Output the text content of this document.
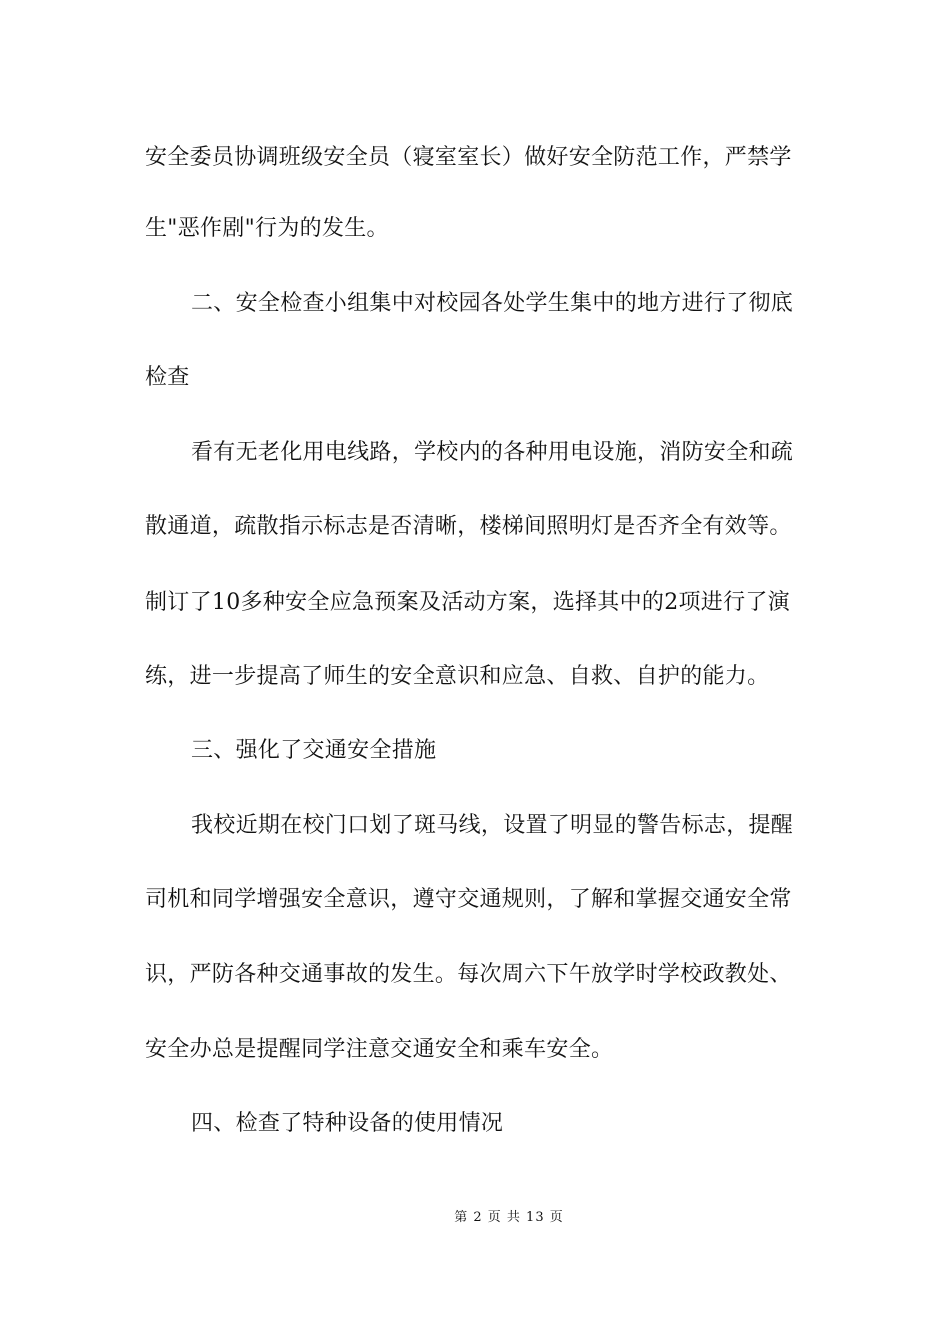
安全委员协调班级安全员（寝室室长）做好安全防范工作，严禁学
生"恶作剧"行为的发生。
二、安全检查小组集中对校园各处学生集中的地方进行了彻底
检查
看有无老化用电线路，学校内的各种用电设施，消防安全和疏
散通道，疏散指示标志是否清晰，楼梯间照明灯是否齐全有效等。
制订了10多种安全应急预案及活动方案，选择其中的2项进行了演
练，进一步提高了师生的安全意识和应急、自救、自护的能力。
三、强化了交通安全措施
我校近期在校门口划了斑马线，设置了明显的警告标志，提醒
司机和同学增强安全意识，遵守交通规则，了解和掌握交通安全常
识，严防各种交通事故的发生。每次周六下午放学时学校政教处、
安全办总是提醒同学注意交通安全和乘车安全。
四、检查了特种设备的使用情况
第 2 页 共 13 页
